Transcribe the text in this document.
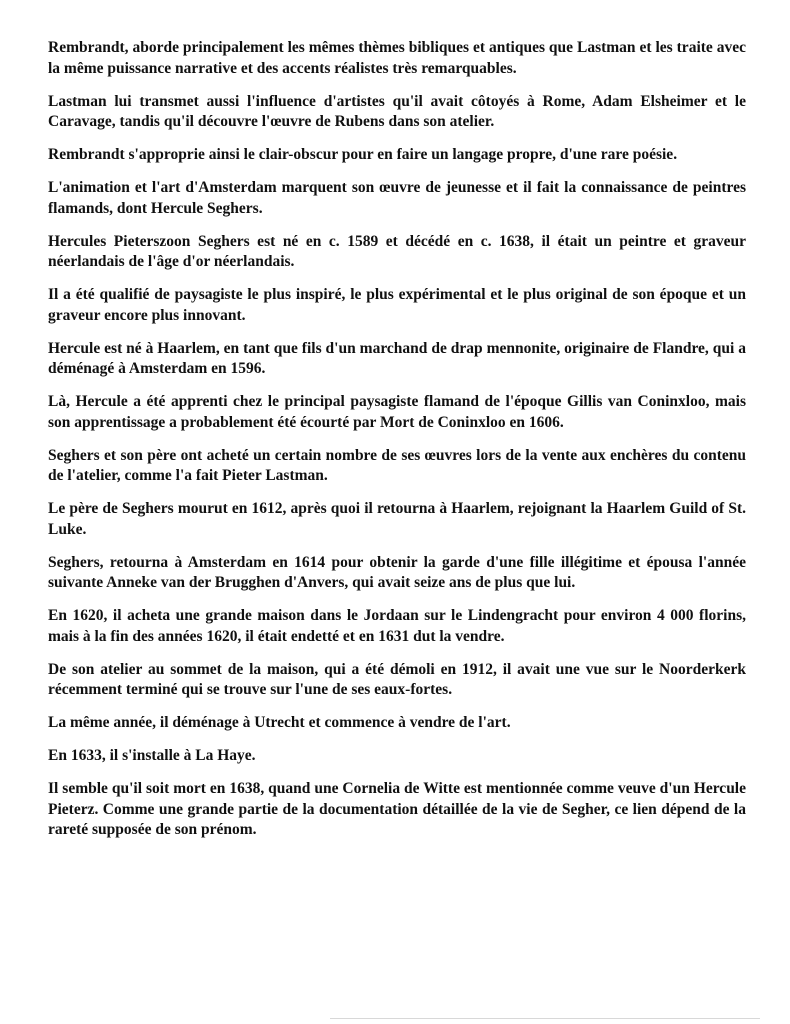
Rembrandt, aborde principalement les mêmes thèmes bibliques et antiques que Lastman et les traite avec la même puissance narrative et des accents réalistes très remarquables.

Lastman lui transmet aussi l'influence d'artistes qu'il avait côtoyés à Rome, Adam Elsheimer et le Caravage, tandis qu'il découvre l'œuvre de Rubens dans son atelier.

Rembrandt s'approprie ainsi le clair-obscur pour en faire un langage propre, d'une rare poésie.

L'animation et l'art d'Amsterdam marquent son œuvre de jeunesse et il fait la connaissance de peintres flamands, dont Hercule Seghers.

Hercules Pieterszoon Seghers est né en c. 1589 et décédé en c. 1638, il était un peintre et graveur néerlandais de l'âge d'or néerlandais.

Il a été qualifié de paysagiste le plus inspiré, le plus expérimental et le plus original de son époque et un graveur encore plus innovant.

Hercule est né à Haarlem, en tant que fils d'un marchand de drap mennonite, originaire de Flandre, qui a déménagé à Amsterdam en 1596.

Là, Hercule a été apprenti chez le principal paysagiste flamand de l'époque Gillis van Coninxloo, mais son apprentissage a probablement été écourté par Mort de Coninxloo en 1606.

Seghers et son père ont acheté un certain nombre de ses œuvres lors de la vente aux enchères du contenu de l'atelier, comme l'a fait Pieter Lastman.

Le père de Seghers mourut en 1612, après quoi il retourna à Haarlem, rejoignant la Haarlem Guild of St. Luke.

Seghers, retourna à Amsterdam en 1614 pour obtenir la garde d'une fille illégitime et épousa l'année suivante Anneke van der Brugghen d'Anvers, qui avait seize ans de plus que lui.

En 1620, il acheta une grande maison dans le Jordaan sur le Lindengracht pour environ 4 000 florins, mais à la fin des années 1620, il était endetté et en 1631 dut la vendre.

De son atelier au sommet de la maison, qui a été démoli en 1912, il avait une vue sur le Noorderkerk récemment terminé qui se trouve sur l'une de ses eaux-fortes.

La même année, il déménage à Utrecht et commence à vendre de l'art.

En 1633, il s'installe à La Haye.

Il semble qu'il soit mort en 1638, quand une Cornelia de Witte est mentionnée comme veuve d'un Hercule Pieterz. Comme une grande partie de la documentation détaillée de la vie de Segher, ce lien dépend de la rareté supposée de son prénom.
